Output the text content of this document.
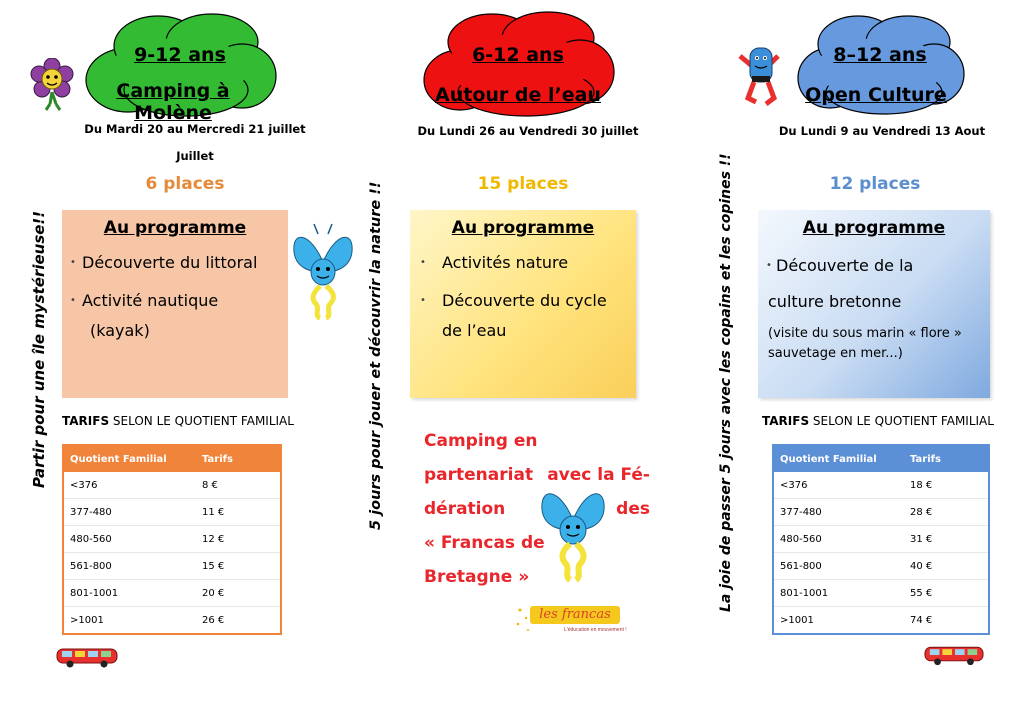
9-12 ans
Camping à Molène
Du Mardi 20 au Mercredi 21 juillet
Juillet
6 places
Au programme
• Découverte du littoral
• Activité nautique
(kayak)
TARIFS SELON LE QUOTIENT FAMILIAL
Quotient Familial	Tarifs
<376	8 €
377-480	11 €
480-560	12 €
561-800	15 €
801-1001	20 €
>1001	26 €
Partir pour une île mystérieuse!!
6-12 ans
Autour de l’eau
Du Lundi 26 au Vendredi 30 juillet
15 places
Au programme
• Activités nature
• Découverte du cycle
de l’eau
5 jours pour jouer et découvrir la nature !! Camping en
partenariat avec la Fé-
dération	des
« Francas de
Bretagne »
les francas
L'éducation en mouvement !
8–12 ans
Open Culture
Du Lundi 9 au Vendredi 13 Aout
12 places
Au programme
• Découverte de la
culture bretonne
(visite du sous marin « flore » sauvetage en mer...)
TARIFS SELON LE QUOTIENT FAMILIAL
Quotient Familial	Tarifs
<376	18 €
377-480	28 €
480-560	31 €
561-800	40 €
801-1001	55 €
>1001	74 €
La joie de passer 5 jours avec les copains et les copines !!
